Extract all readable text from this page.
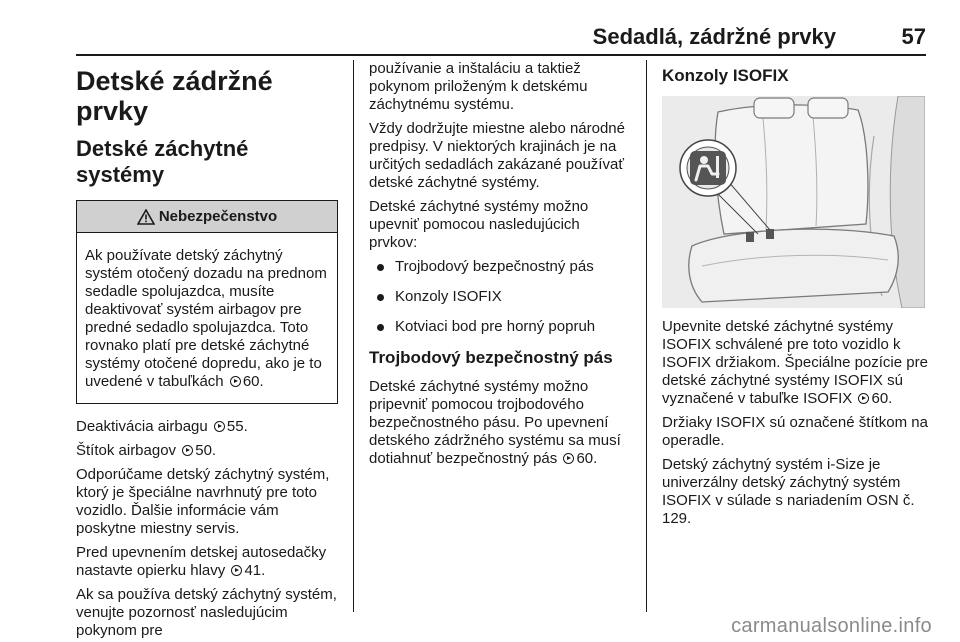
Sedadlá, zádržné prvky	57
Detské zádržné prvky
Detské záchytné systémy
Nebezpečenstvo
Ak používate detský záchytný systém otočený dozadu na prednom sedadle spolujazdca, musíte deaktivovať systém airbagov pre predné sedadlo spolujazdca. Toto rovnako platí pre detské záchytné systémy otočené dopredu, ako je to uvedené v tabuľkách 60.

Deaktivácia airbagu 55.

Štítok airbagov 50.

Odporúčame detský záchytný systém, ktorý je špeciálne navrhnutý pre toto vozidlo. Ďalšie informácie vám poskytne miestny servis.

Pred upevnením detskej autosedačky nastavte opierku hlavy 41.

Ak sa používa detský záchytný systém, venujte pozornosť nasledujúcim pokynom pre

používanie a inštaláciu a taktiež pokynom priloženým k detskému záchytnému systému.

Vždy dodržujte miestne alebo národné predpisy. V niektorých krajinách je na určitých sedadlách zakázané používať detské záchytné systémy.

Detské záchytné systémy možno upevniť pomocou nasledujúcich prvkov:

Trojbodový bezpečnostný pás
Konzoly ISOFIX
Kotviaci bod pre horný popruh
Trojbodový bezpečnostný pás

Detské záchytné systémy možno pripevniť pomocou trojbodového bezpečnostného pásu. Po upevnení detského zádržného systému sa musí dotiahnuť bezpečnostný pás 60.

Konzoly ISOFIX

Upevnite detské záchytné systémy ISOFIX schválené pre toto vozidlo k ISOFIX držiakom. Špeciálne pozície pre detské záchytné systémy ISOFIX sú vyznačené v tabuľke ISOFIX 60.

Držiaky ISOFIX sú označené štítkom na operadle.

Detský záchytný systém i-Size je univerzálny detský záchytný systém ISOFIX v súlade s nariadením OSN č. 129.

carmanualsonline.info
